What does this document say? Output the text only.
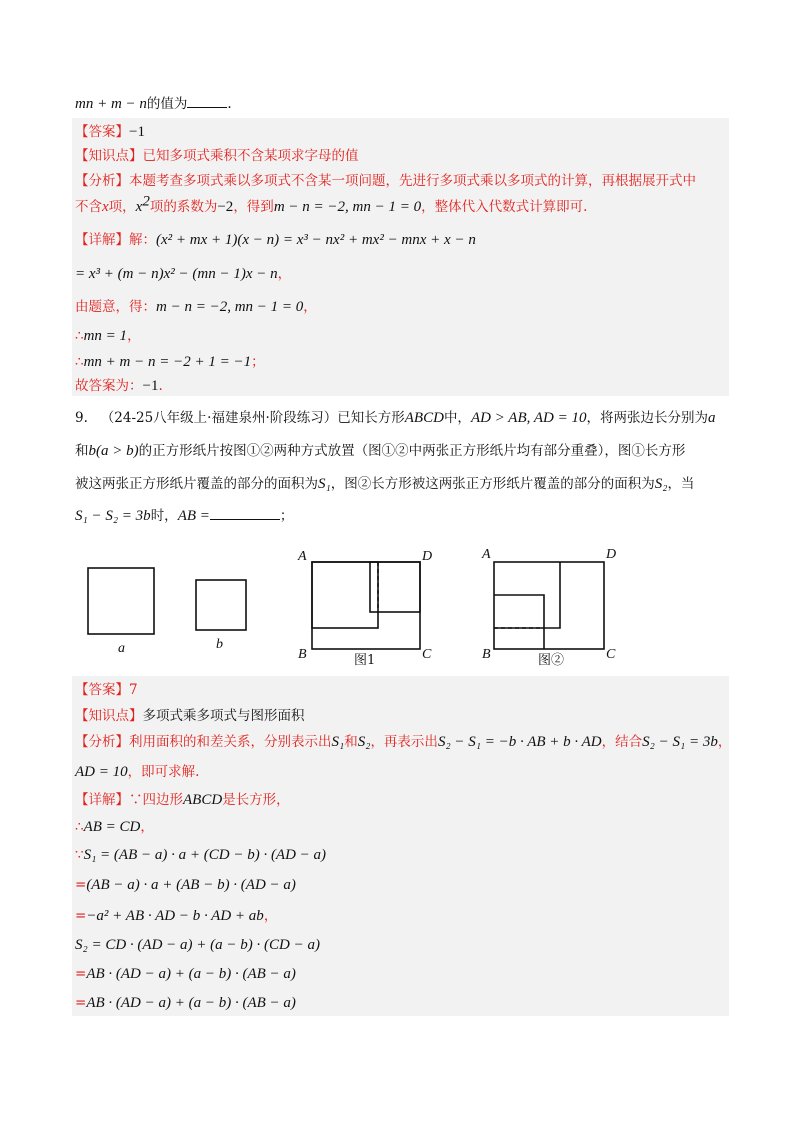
mn + m − n的值为	.
【答案】−1
【知识点】已知多项式乘积不含某项求字母的值
【分析】本题考查多项式乘以多项式不含某一项问题，先进行多项式乘以多项式的计算，再根据展开式中
不含x项，$x^2$项的系数为−2，得到m − n = −2, mn − 1 = 0，整体代入代数式计算即可.
【详解】解：(x² + mx + 1)(x − n) = x³ − nx² + mx² − mnx + x − n
= x³ + (m − n)x² − (mn − 1)x − n，
由题意，得：m − n = −2, mn − 1 = 0，
∴mn = 1，
∴mn + m − n = −2 + 1 = −1；
故答案为：−1.
9. （24-25八年级上·福建泉州·阶段练习）已知长方形ABCD中，AD > AB, AD = 10，将两张边长分别为a
和b(a > b)的正方形纸片按图①②两种方式放置（图①②中两张正方形纸片均有部分重叠），图①长方形
被这两张正方形纸片覆盖的部分的面积为S₁，图②长方形被这两张正方形纸片覆盖的部分的面积为S₂，当
S₁ − S₂ = 3b时，AB =	；
a	b
A	D
B	C
A	D
B	C
图1	图②
【答案】7
【知识点】多项式乘多项式与图形面积
【分析】利用面积的和差关系，分别表示出S₁和S₂，再表示出S₂ − S₁ = −b · AB + b · AD，结合S₂ − S₁ = 3b，
AD = 10，即可求解.
【详解】∵四边形ABCD是长方形，
∴AB = CD，
∵S₁ = (AB − a) · a + (CD − b) · (AD − a)
=(AB − a) · a + (AB − b) · (AD − a)
=−a² + AB · AD − b · AD + ab，
S₂ = CD · (AD − a) + (a − b) · (CD − a)
=AB · (AD − a) + (a − b) · (AB − a)
=AB · (AD − a) + (a − b) · (AB − a)
